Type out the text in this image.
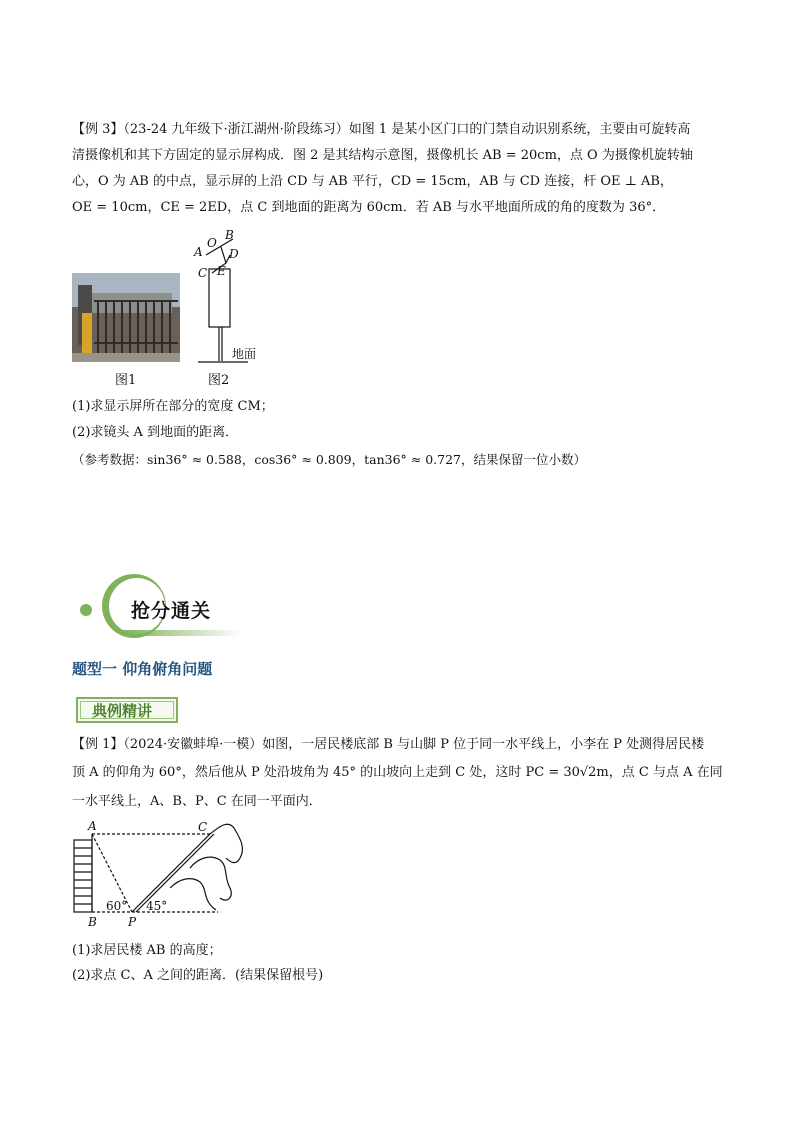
【例 3】（23-24 九年级下·浙江湖州·阶段练习）如图 1 是某小区门口的门禁自动识别系统，主要由可旋转高
清摄像机和其下方固定的显示屏构成．图 2 是其结构示意图，摄像机长 AB = 20cm，点 O 为摄像机旋转轴
心，O 为 AB 的中点，显示屏的上沿 CD 与 AB 平行，CD = 15cm，AB 与 CD 连接，杆 OE ⊥ AB，
OE = 10cm，CE = 2ED，点 C 到地面的距离为 60cm．若 AB 与水平地面所成的角的度数为 36°．
图1
A
O
B
D
C E
地面
图2
(1)求显示屏所在部分的宽度 CM；
(2)求镜头 A 到地面的距离．
（参考数据：sin36° ≈ 0.588，cos36° ≈ 0.809，tan36° ≈ 0.727，结果保留一位小数）
抢分通关
题型一 仰角俯角问题
典例精讲
【例 1】（2024·安徽蚌埠·一模）如图，一居民楼底部 B 与山脚 P 位于同一水平线上，小李在 P 处测得居民楼
顶 A 的仰角为 60°，然后他从 P 处沿坡角为 45° 的山坡向上走到 C 处，这时 PC = 30√2m，点 C 与点 A 在同
一水平线上，A、B、P、C 在同一平面内．
A	C
B	P
60° 45°
(1)求居民楼 AB 的高度；
(2)求点 C、A 之间的距离．(结果保留根号)
